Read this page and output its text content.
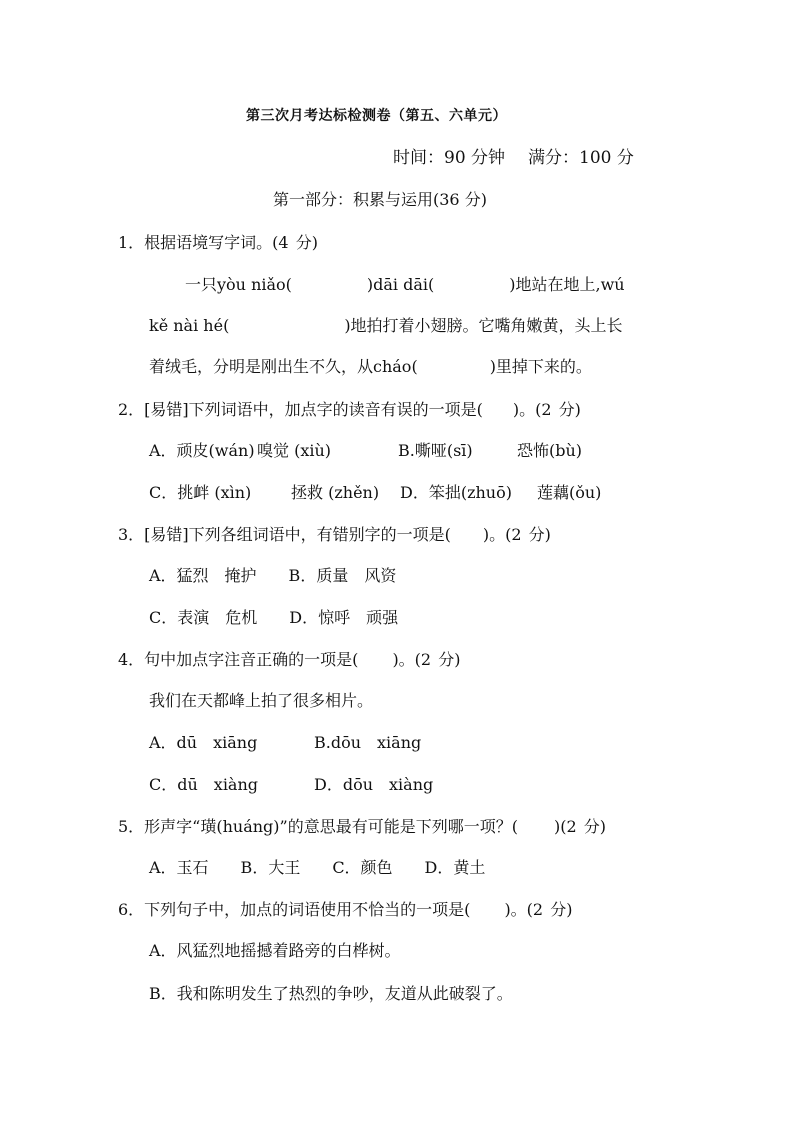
第三次月考达标检测卷（第五、六单元）
时间：90 分钟 满分：100 分
第一部分：积累与运用(36 分)
1．根据语境写字词。(4 分)
一只yòu niǎo(	)dāi dāi(	)地站在地上,wú
kě nài hé(	)地拍打着小翅膀。它嘴角嫩黄，头上长
着绒毛，分明是刚出生不久，从cháo(	)里掉下来的。
2．[易错]下列词语中，加点字的读音有误的一项是( )。(2 分)
A．顽皮(wán) 嗅觉 (xiù)	B.嘶哑(sī)	恐怖(bù)
C．挑衅 (xìn) 拯救 (zhěn) D．笨拙(zhuō) 莲藕(ǒu)
3．[易错]下列各组词语中，有错别字的一项是( )。(2 分)
A．猛烈　掩护　　B．质量　风资
C．表演　危机　　D．惊呼　顽强
4．句中加点字注音正确的一项是( )。(2 分)
我们在天都峰上拍了很多相片。
A．dū　xiāng	B.dōu　xiāng
C．dū　xiàng	D．dōu　xiàng
5．形声字“璜(huáng)”的意思最有可能是下列哪一项？( )(2 分)
A．玉石　　B．大王　　C．颜色　　D．黄土
6．下列句子中，加点的词语使用不恰当的一项是( )。(2 分)
A．风猛烈地摇撼着路旁的白桦树。
B．我和陈明发生了热烈的争吵，友道从此破裂了。
